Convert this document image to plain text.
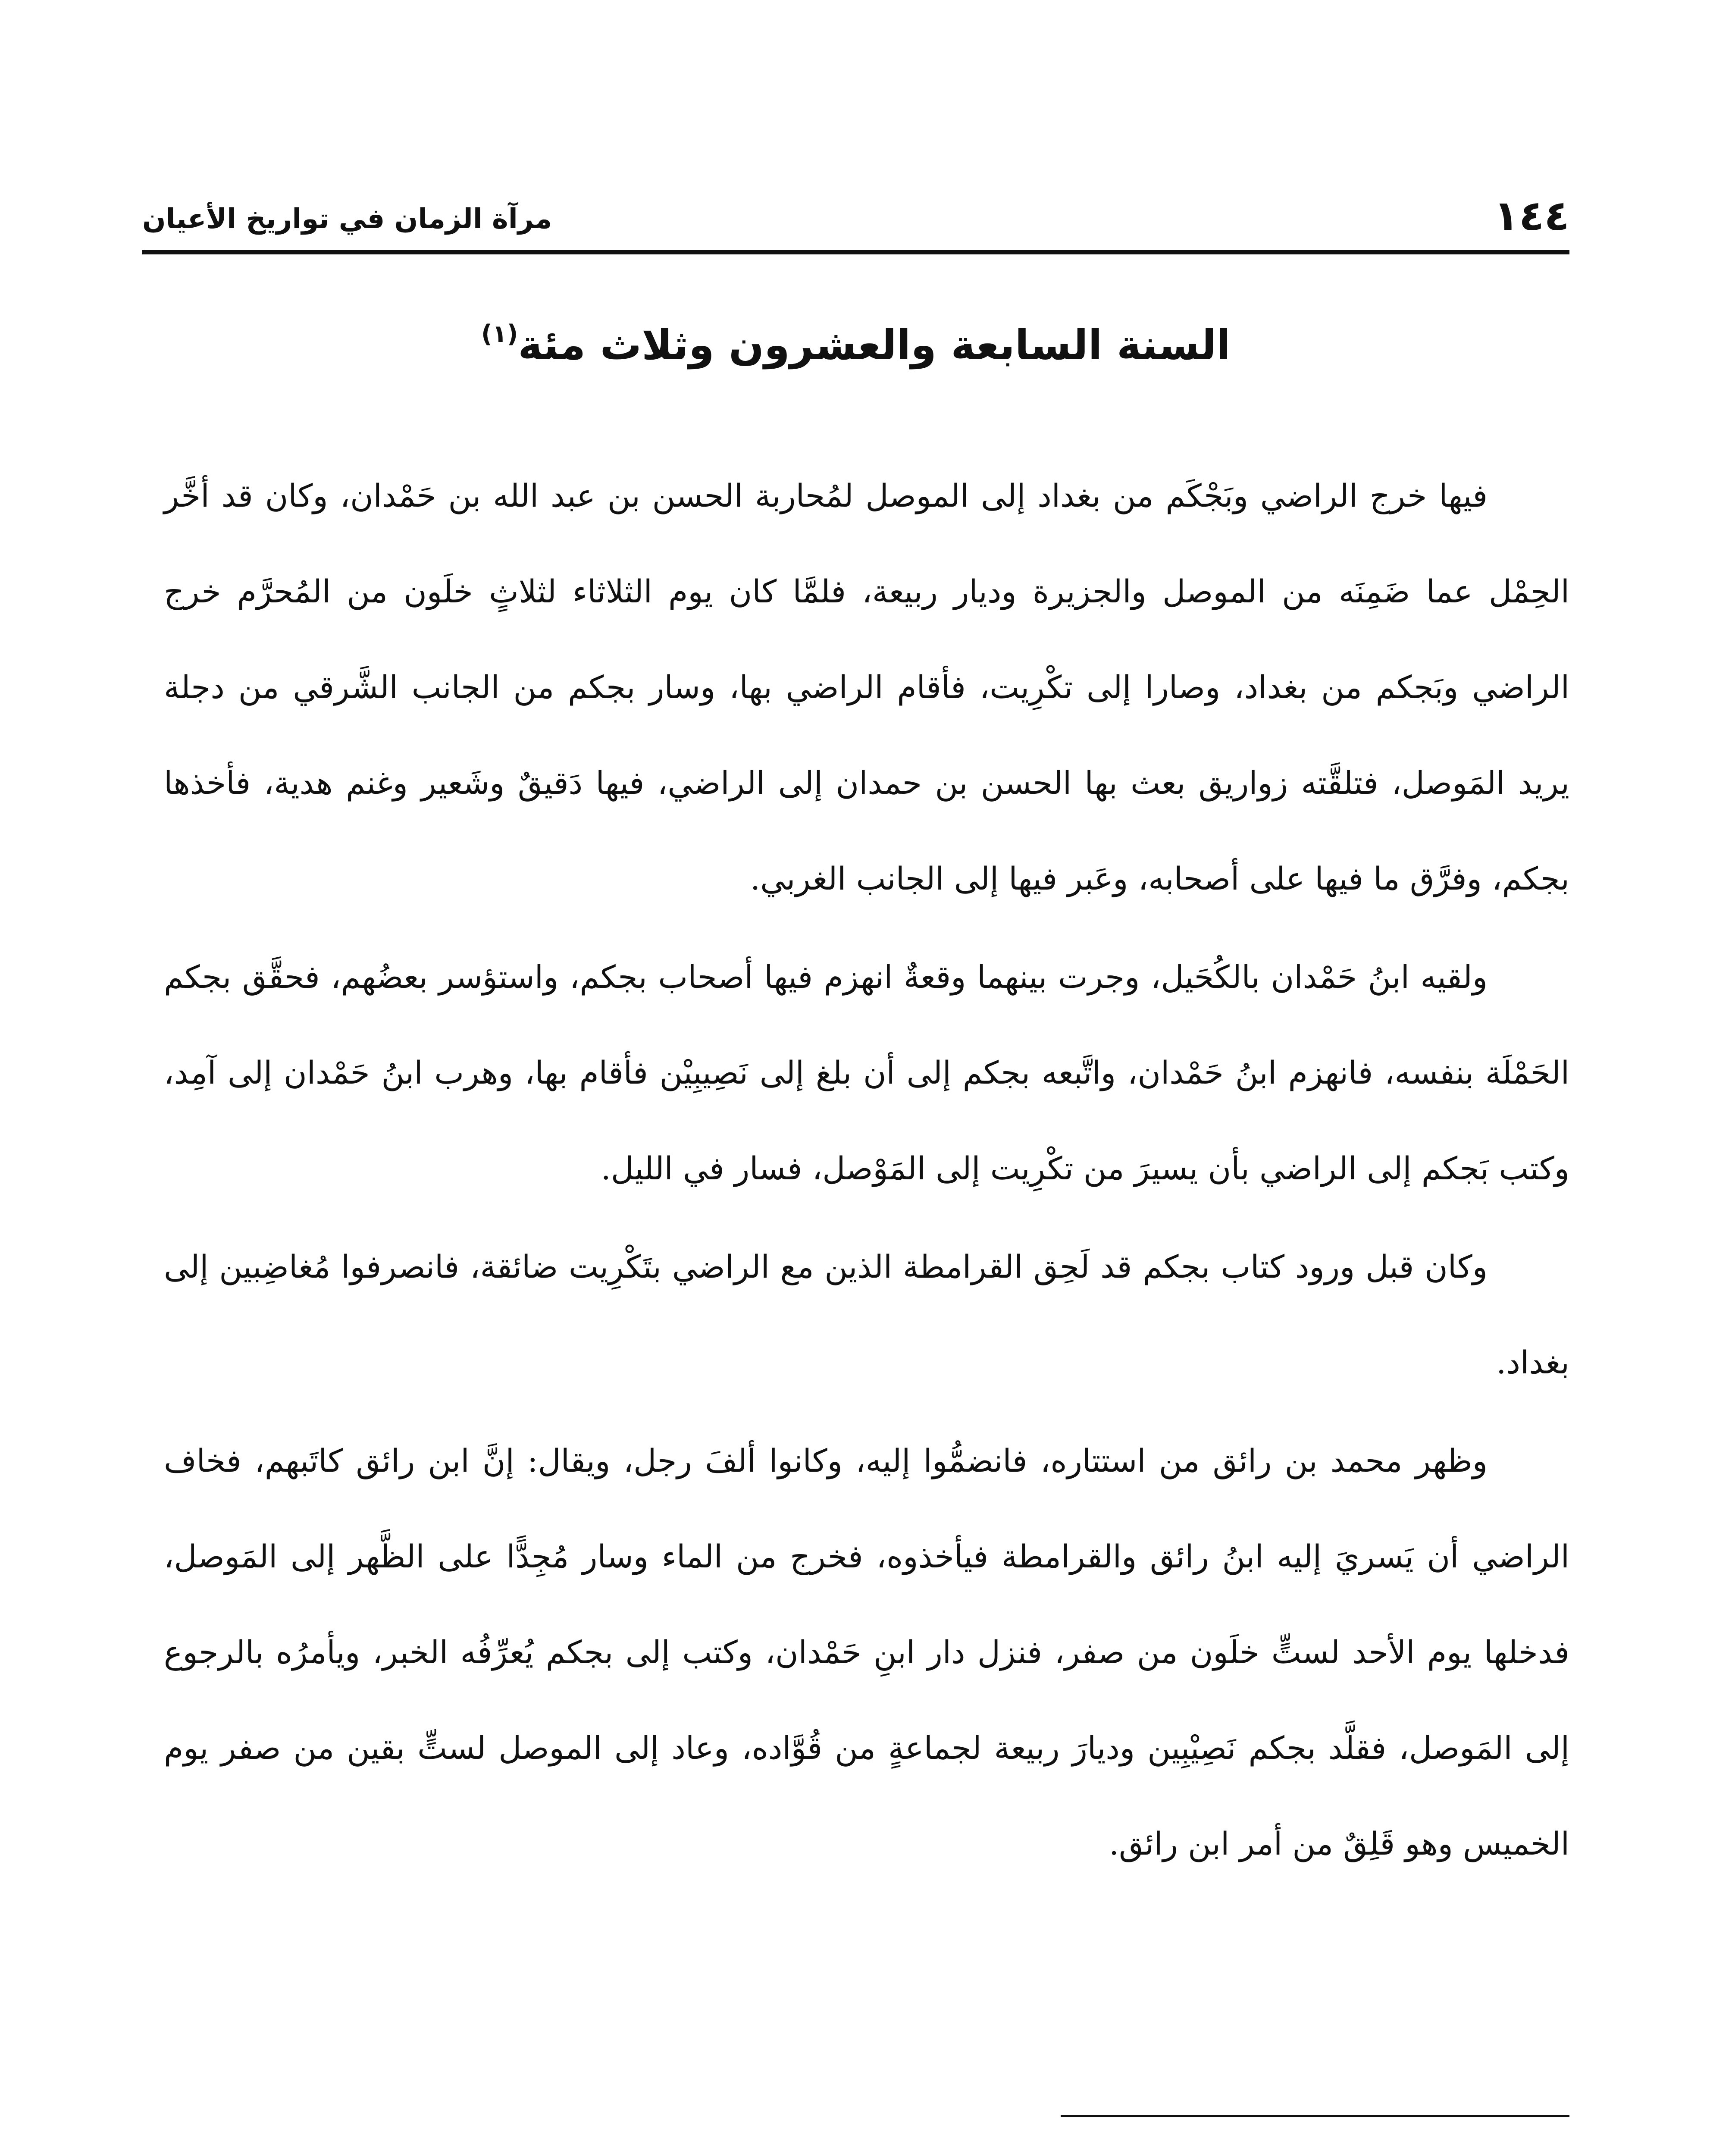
١٤٤
مرآة الزمان في تواريخ الأعيان
السنة السابعة والعشرون وثلاث مئة$^{(١)}$

فيها خرج الراضي وبَجْكَم من بغداد إلى الموصل لمُحاربة الحسن بن عبد الله بن حَمْدان، وكان قد أخَّر الحِمْل عما ضَمِنَه من الموصل والجزيرة وديار ربيعة، فلمَّا كان يوم الثلاثاء لثلاثٍ خلَون من المُحرَّم خرج الراضي وبَجكم من بغداد، وصارا إلى تكْرِيت، فأقام الراضي بها، وسار بجكم من الجانب الشَّرقي من دجلة يريد المَوصل، فتلقَّته زواريق بعث بها الحسن بن حمدان إلى الراضي، فيها دَقيقٌ وشَعير وغنم هدية، فأخذها بجكم، وفرَّق ما فيها على أصحابه، وعَبر فيها إلى الجانب الغربي.

ولقيه ابنُ حَمْدان بالكُحَيل، وجرت بينهما وقعةٌ انهزم فيها أصحاب بجكم، واستؤسر بعضُهم، فحقَّق بجكم الحَمْلَة بنفسه، فانهزم ابنُ حَمْدان، واتَّبعه بجكم إلى أن بلغ إلى نَصِيبِيْن فأقام بها، وهرب ابنُ حَمْدان إلى آمِد، وكتب بَجكم إلى الراضي بأن يسيرَ من تكْرِيت إلى المَوْصل، فسار في الليل.

وكان قبل ورود كتاب بجكم قد لَحِق القرامطة الذين مع الراضي بتَكْرِيت ضائقة، فانصرفوا مُغاضِبين إلى بغداد.

وظهر محمد بن رائق من استتاره، فانضمُّوا إليه، وكانوا ألفَ رجل، ويقال: إنَّ ابن رائق كاتَبهم، فخاف الراضي أن يَسريَ إليه ابنُ رائق والقرامطة فيأخذوه، فخرج من الماء وسار مُجِدًّا على الظَّهر إلى المَوصل، فدخلها يوم الأحد لستٍّ خلَون من صفر، فنزل دار ابنِ حَمْدان، وكتب إلى بجكم يُعرِّفُه الخبر، ويأمرُه بالرجوع إلى المَوصل، فقلَّد بجكم نَصِيْبِين وديارَ ربيعة لجماعةٍ من قُوَّاده، وعاد إلى الموصل لستٍّ بقين من صفر يوم الخميس وهو قَلِقٌ من أمر ابن رائق.
